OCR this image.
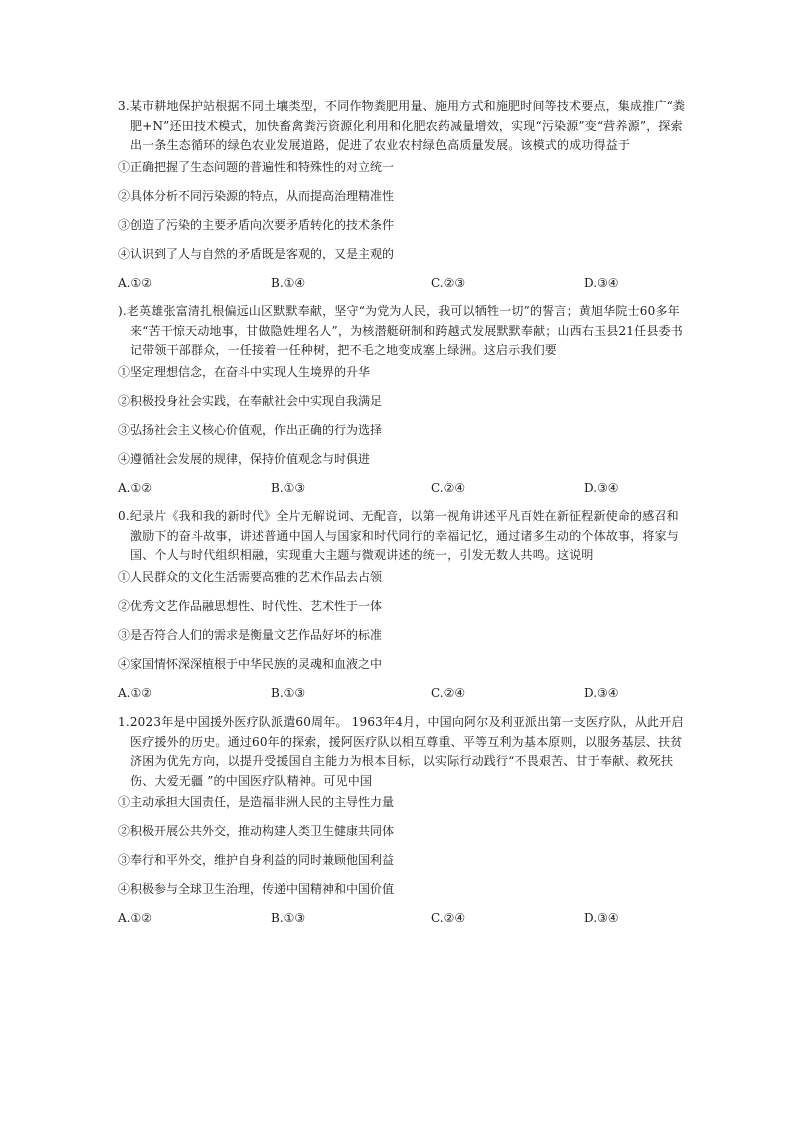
3.某市耕地保护站根据不同土壤类型，不同作物粪肥用量、施用方式和施肥时间等技术要点，集成推广“粪肥+N”还田技术模式，加快畜禽粪污资源化利用和化肥农药减量增效，实现“污染源”变“营养源”，探索出一条生态循环的绿色农业发展道路，促进了农业农村绿色高质量发展。该模式的成功得益于

①正确把握了生态问题的普遍性和特殊性的对立统一

②具体分析不同污染源的特点，从而提高治理精准性

③创造了污染的主要矛盾向次要矛盾转化的技术条件

④认识到了人与自然的矛盾既是客观的，又是主观的

A.①②	B.①④	C.②③	D.③④

).老英雄张富清扎根偏远山区默默奉献，坚守“为党为人民，我可以牺牲一切”的誓言；黄旭华院士60多年来“苦干惊天动地事，甘做隐姓埋名人”，为核潜艇研制和跨越式发展默默奉献；山西右玉县21任县委书记带领干部群众，一任接着一任种树，把不毛之地变成塞上绿洲。这启示我们要

①坚定理想信念，在奋斗中实现人生境界的升华

②积极投身社会实践，在奉献社会中实现自我满足

③弘扬社会主义核心价值观，作出正确的行为选择

④遵循社会发展的规律，保持价值观念与时俱进

A.①②	B.①③	C.②④	D.③④

0.纪录片《我和我的新时代》全片无解说词、无配音，以第一视角讲述平凡百姓在新征程新使命的感召和激励下的奋斗故事，讲述普通中国人与国家和时代同行的幸福记忆，通过诸多生动的个体故事，将家与国、个人与时代组织相融，实现重大主题与微观讲述的统一，引发无数人共鸣。这说明

①人民群众的文化生活需要高雅的艺术作品去占领

②优秀文艺作品融思想性、时代性、艺术性于一体

③是否符合人们的需求是衡量文艺作品好坏的标准

④家国情怀深深植根于中华民族的灵魂和血液之中

A.①②	B.①③	C.②④	D.③④

1.2023年是中国援外医疗队派遣60周年。 1963年4月，中国向阿尔及利亚派出第一支医疗队，从此开启医疗援外的历史。通过60年的探索，援阿医疗队以相互尊重、平等互利为基本原则，以服务基层、扶贫济困为优先方向，以提升受援国自主能力为根本目标，以实际行动践行“不畏艰苦、甘于奉献、救死扶伤、大爱无疆 ”的中国医疗队精神。可见中国

①主动承担大国责任，是造福非洲人民的主导性力量

②积极开展公共外交，推动构建人类卫生健康共同体

③奉行和平外交，维护自身利益的同时兼顾他国利益

④积极参与全球卫生治理，传递中国精神和中国价值

A.①②	B.①③	C.②④	D.③④
